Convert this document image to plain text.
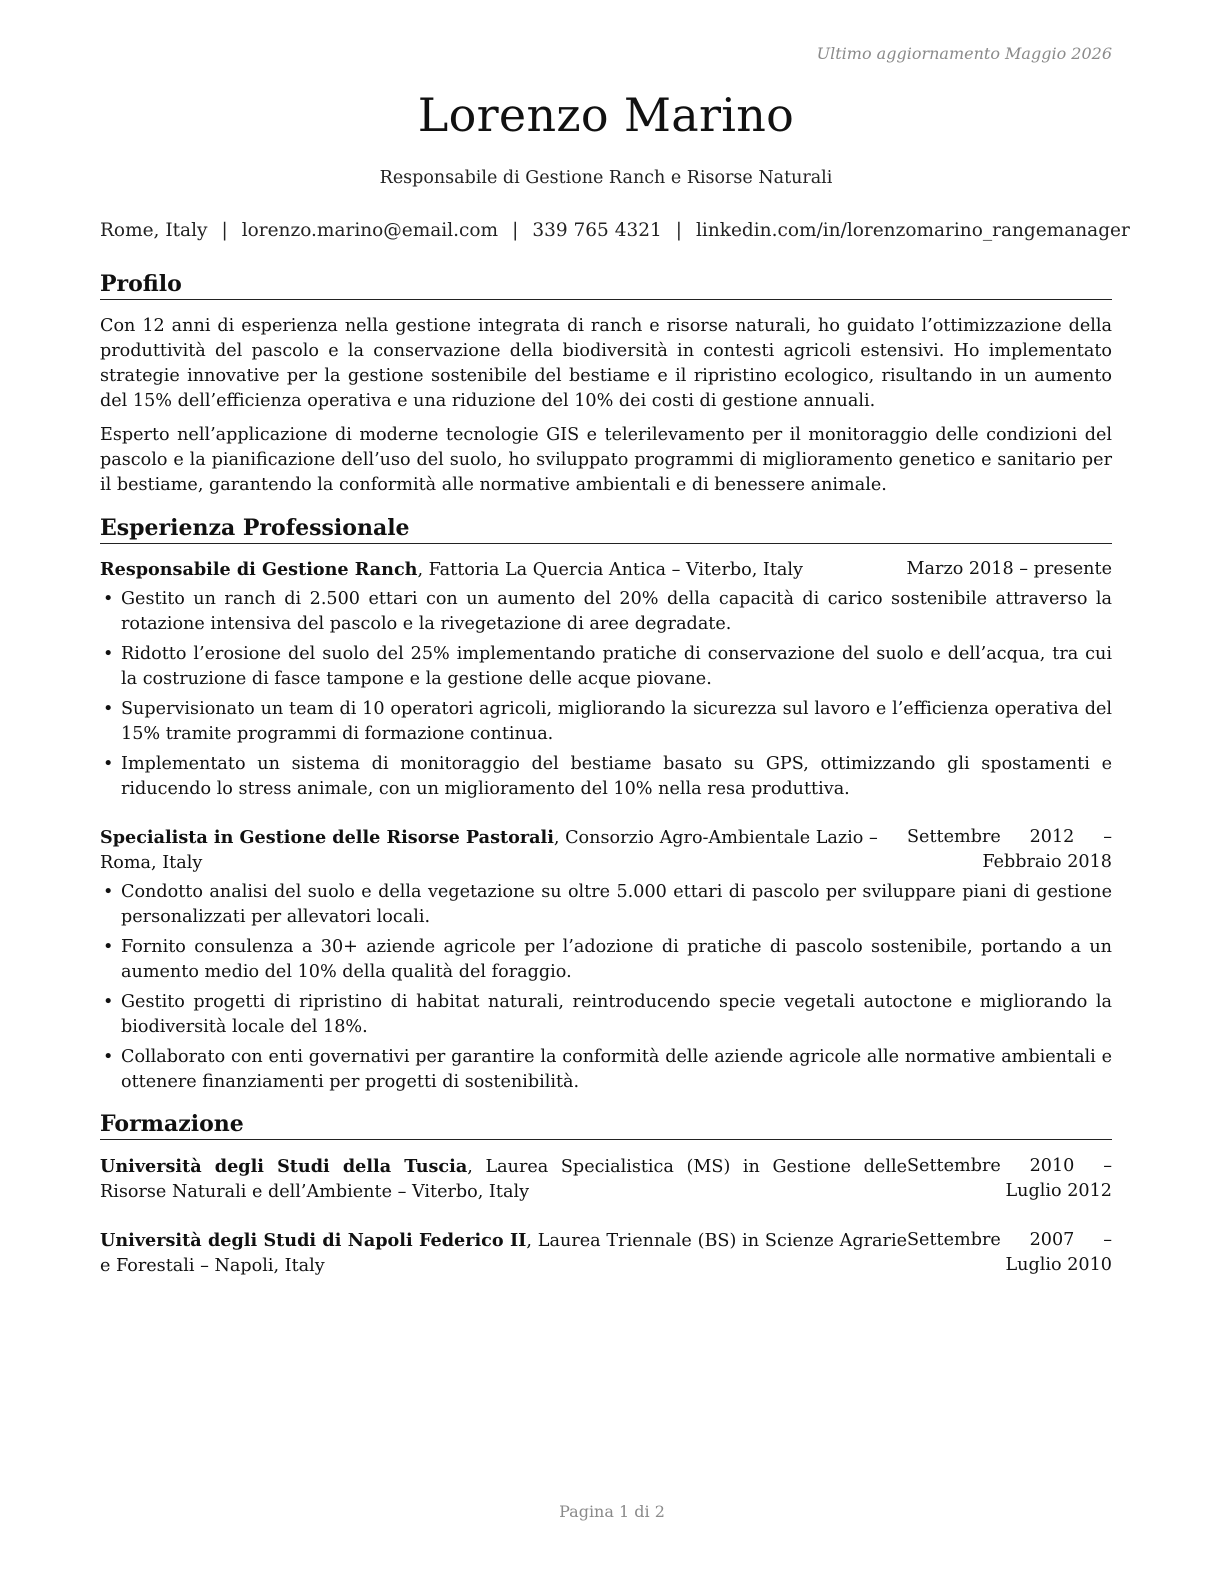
Ultimo aggiornamento Maggio 2026
Lorenzo Marino
Responsabile di Gestione Ranch e Risorse Naturali
Rome, Italy | lorenzo.marino@email.com | 339 765 4321 | linkedin.com/in/lorenzomarino_rangemanager
Profilo

Con 12 anni di esperienza nella gestione integrata di ranch e risorse naturali, ho guidato l’ottimizzazione della produttività del pascolo e la conservazione della biodiversità in contesti agricoli estensivi. Ho implementato strategie innovative per la gestione sostenibile del bestiame e il ripristino ecologico, risultando in un aumento del 15% dell’efficienza operativa e una riduzione del 10% dei costi di gestione annuali.

Esperto nell’applicazione di moderne tecnologie GIS e telerilevamento per il monitoraggio delle condizioni del pascolo e la pianificazione dell’uso del suolo, ho sviluppato programmi di miglioramento genetico e sanitario per il bestiame, garantendo la conformità alle normative ambientali e di benessere animale.

Esperienza Professionale
Responsabile di Gestione Ranch, Fattoria La Quercia Antica – Viterbo, Italy	Marzo 2018 – presente
• Gestito un ranch di 2.500 ettari con un aumento del 20% della capacità di carico sostenibile attraverso la rotazione intensiva del pascolo e la rivegetazione di aree degradate.
• Ridotto l’erosione del suolo del 25% implementando pratiche di conservazione del suolo e dell’acqua, tra cui la costruzione di fasce tampone e la gestione delle acque piovane.
• Supervisionato un team di 10 operatori agricoli, migliorando la sicurezza sul lavoro e l’efficienza operativa del 15% tramite programmi di formazione continua.
• Implementato un sistema di monitoraggio del bestiame basato su GPS, ottimizzando gli spostamenti e riducendo lo stress animale, con un miglioramento del 10% nella resa produttiva.
Specialista in Gestione delle Risorse Pastorali, Consorzio Agro-Ambientale Lazio – Roma, Italy
Settembre 2012 – Febbraio 2018
• Condotto analisi del suolo e della vegetazione su oltre 5.000 ettari di pascolo per sviluppare piani di gestione personalizzati per allevatori locali.
• Fornito consulenza a 30+ aziende agricole per l’adozione di pratiche di pascolo sostenibile, portando a un aumento medio del 10% della qualità del foraggio.
• Gestito progetti di ripristino di habitat naturali, reintroducendo specie vegetali autoctone e migliorando la biodiversità locale del 18%.
• Collaborato con enti governativi per garantire la conformità delle aziende agricole alle normative ambientali e ottenere finanziamenti per progetti di sostenibilità.
Formazione
Università degli Studi della Tuscia, Laurea Specialistica (MS) in Gestione delle Risorse Naturali e dell’Ambiente – Viterbo, Italy
Settembre 2010 – Luglio 2012
Università degli Studi di Napoli Federico II, Laurea Triennale (BS) in Scienze Agrarie e Forestali – Napoli, Italy
Settembre 2007 – Luglio 2010
Pagina 1 di 2
